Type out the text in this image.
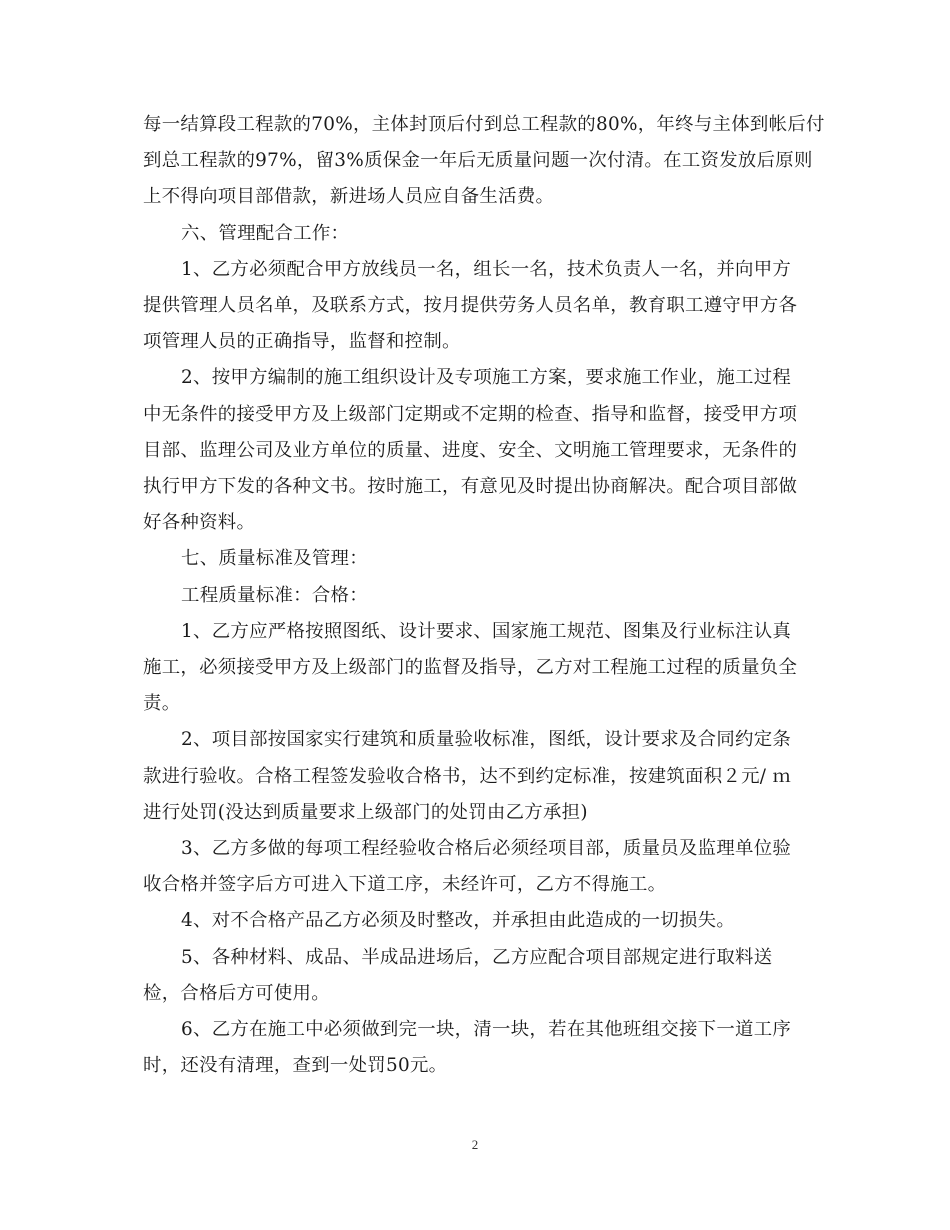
每一结算段工程款的70%，主体封顶后付到总工程款的80%，年终与主体到帐后付
到总工程款的97%，留3%质保金一年后无质量问题一次付清。在工资发放后原则
上不得向项目部借款，新进场人员应自备生活费。
六、管理配合工作：
1、乙方必须配合甲方放线员一名，组长一名，技术负责人一名，并向甲方
提供管理人员名单，及联系方式，按月提供劳务人员名单，教育职工遵守甲方各
项管理人员的正确指导，监督和控制。
2、按甲方编制的施工组织设计及专项施工方案，要求施工作业，施工过程
中无条件的接受甲方及上级部门定期或不定期的检查、指导和监督，接受甲方项
目部、监理公司及业方单位的质量、进度、安全、文明施工管理要求，无条件的
执行甲方下发的各种文书。按时施工，有意见及时提出协商解决。配合项目部做
好各种资料。
七、质量标准及管理：
工程质量标准：合格：
1、乙方应严格按照图纸、设计要求、国家施工规范、图集及行业标注认真
施工，必须接受甲方及上级部门的监督及指导，乙方对工程施工过程的质量负全
责。
2、项目部按国家实行建筑和质量验收标准，图纸，设计要求及合同约定条
款进行验收。合格工程签发验收合格书，达不到约定标准，按建筑面积２元/ ｍ
进行处罚(没达到质量要求上级部门的处罚由乙方承担)
3、乙方多做的每项工程经验收合格后必须经项目部，质量员及监理单位验
收合格并签字后方可进入下道工序，未经许可，乙方不得施工。
4、对不合格产品乙方必须及时整改，并承担由此造成的一切损失。
5、各种材料、成品、半成品进场后，乙方应配合项目部规定进行取料送
检，合格后方可使用。
6、乙方在施工中必须做到完一块，清一块，若在其他班组交接下一道工序
时，还没有清理，查到一处罚50元。
2
